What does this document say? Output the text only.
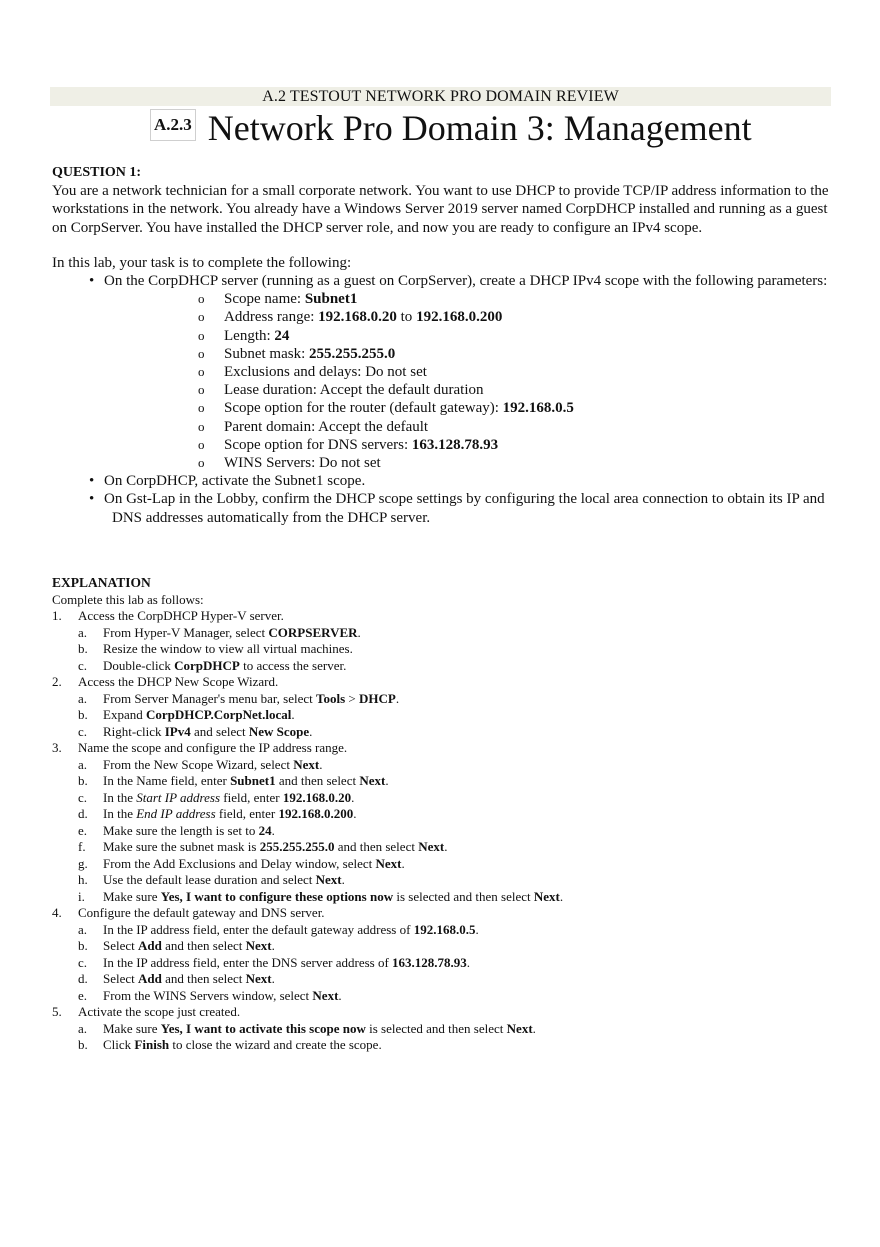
A.2 TESTOUT NETWORK PRO DOMAIN REVIEW
A.2.3 Network Pro Domain 3: Management

QUESTION 1:

You are a network technician for a small corporate network. You want to use DHCP to provide TCP/IP address information to the workstations in the network. You already have a Windows Server 2019 server named CorpDHCP installed and running as a guest on CorpServer. You have installed the DHCP server role, and now you are ready to configure an IPv4 scope.

In this lab, your task is to complete the following:

• On the CorpDHCP server (running as a guest on CorpServer), create a DHCP IPv4 scope with the following parameters:
o Scope name: Subnet1
o Address range: 192.168.0.20 to 192.168.0.200
o Length: 24
o Subnet mask: 255.255.255.0
o Exclusions and delays: Do not set
o Lease duration: Accept the default duration
o Scope option for the router (default gateway): 192.168.0.5
o Parent domain: Accept the default
o Scope option for DNS servers: 163.128.78.93
o WINS Servers: Do not set
• On CorpDHCP, activate the Subnet1 scope.
• On Gst-Lap in the Lobby, confirm the DHCP scope settings by configuring the local area connection to obtain its IP and DNS addresses automatically from the DHCP server.

EXPLANATION

Complete this lab as follows:

1. Access the CorpDHCP Hyper-V server.
a. From Hyper-V Manager, select CORPSERVER.
b. Resize the window to view all virtual machines.
c. Double-click CorpDHCP to access the server.
2. Access the DHCP New Scope Wizard.
a. From Server Manager's menu bar, select Tools > DHCP.
b. Expand CorpDHCP.CorpNet.local.
c. Right-click IPv4 and select New Scope.
3. Name the scope and configure the IP address range.
a. From the New Scope Wizard, select Next.
b. In the Name field, enter Subnet1 and then select Next.
c. In the Start IP address field, enter 192.168.0.20.
d. In the End IP address field, enter 192.168.0.200.
e. Make sure the length is set to 24.
f. Make sure the subnet mask is 255.255.255.0 and then select Next.
g. From the Add Exclusions and Delay window, select Next.
h. Use the default lease duration and select Next.
i. Make sure Yes, I want to configure these options now is selected and then select Next.
4. Configure the default gateway and DNS server.
a. In the IP address field, enter the default gateway address of 192.168.0.5.
b. Select Add and then select Next.
c. In the IP address field, enter the DNS server address of 163.128.78.93.
d. Select Add and then select Next.
e. From the WINS Servers window, select Next.
5. Activate the scope just created.
a. Make sure Yes, I want to activate this scope now is selected and then select Next.
b. Click Finish to close the wizard and create the scope.
